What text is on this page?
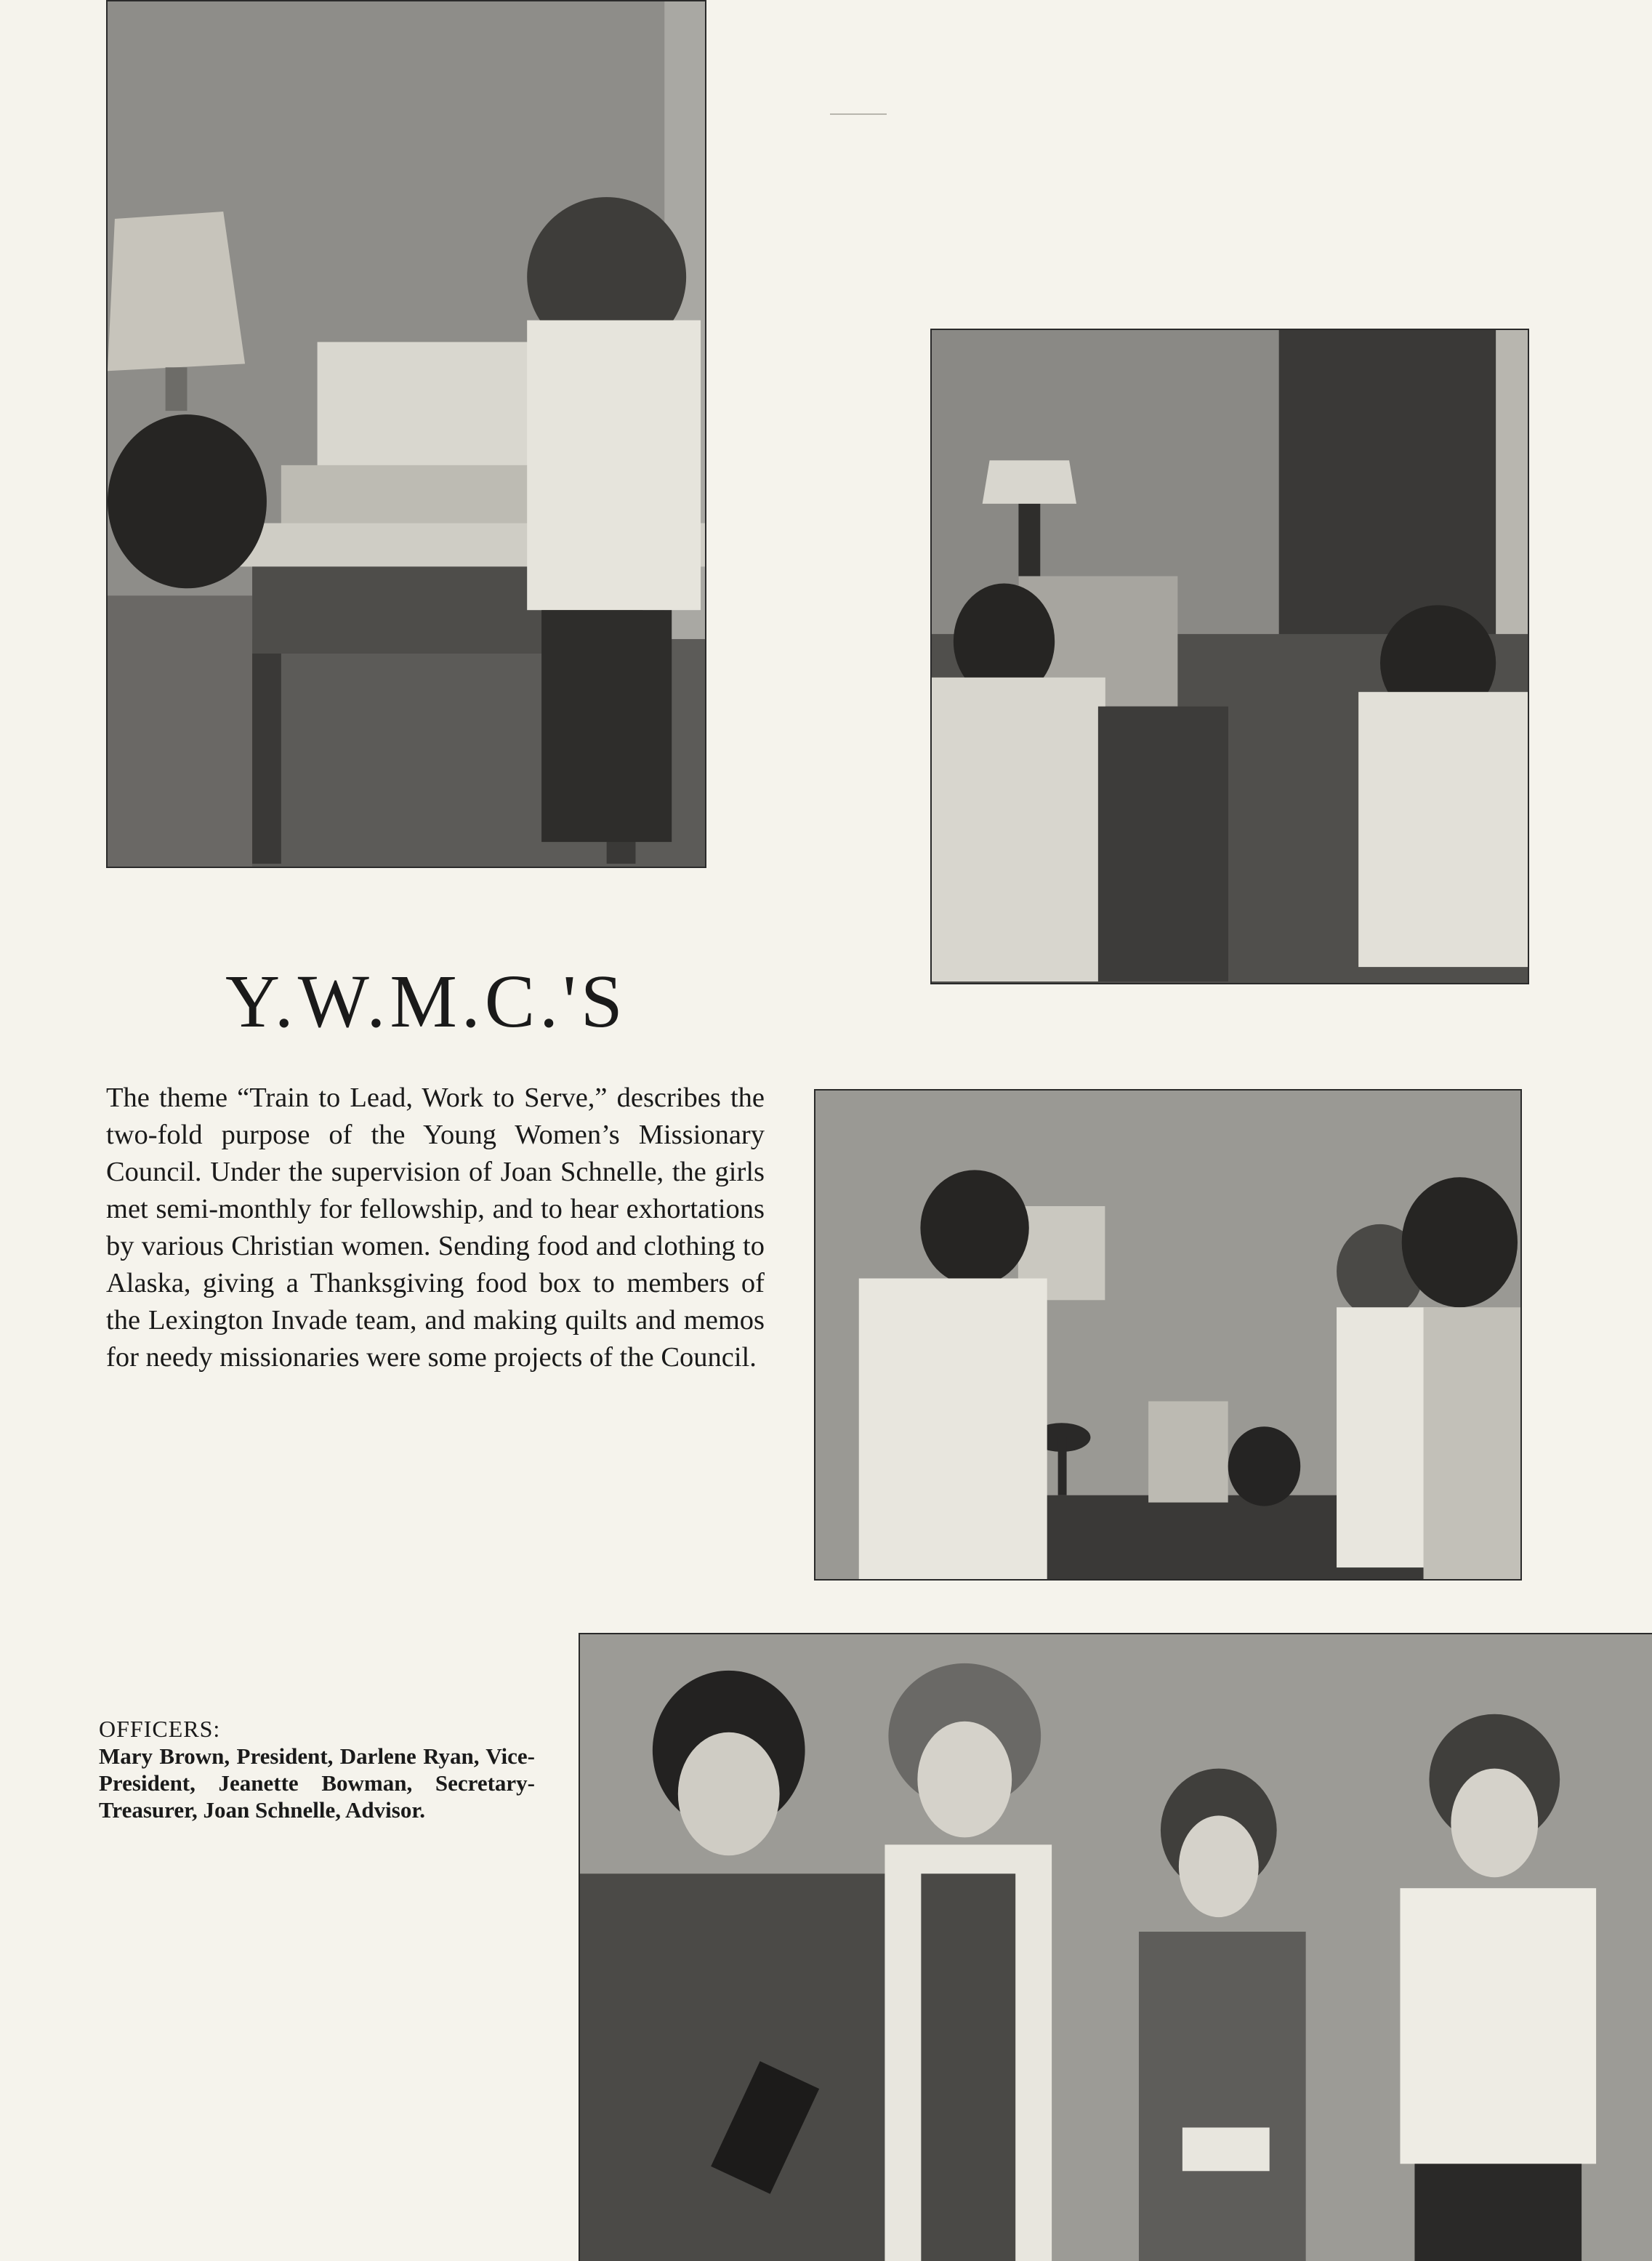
Y.W.M.C.'S

The theme “Train to Lead, Work to Serve,” describes the two-fold purpose of the Young Women’s Missionary Council. Under the supervision of Joan Schnelle, the girls met semi-monthly for fellowship, and to hear exhortations by various Christian women. Sending food and clothing to Alaska, giving a Thanksgiving food box to members of the Lexington Invade team, and making quilts and memos for needy missionaries were some projects of the Council.

OFFICERS:
Mary Brown, President, Darlene Ryan, Vice-President, Jeanette Bowman, Secretary-Treasurer, Joan Schnelle, Advisor.
